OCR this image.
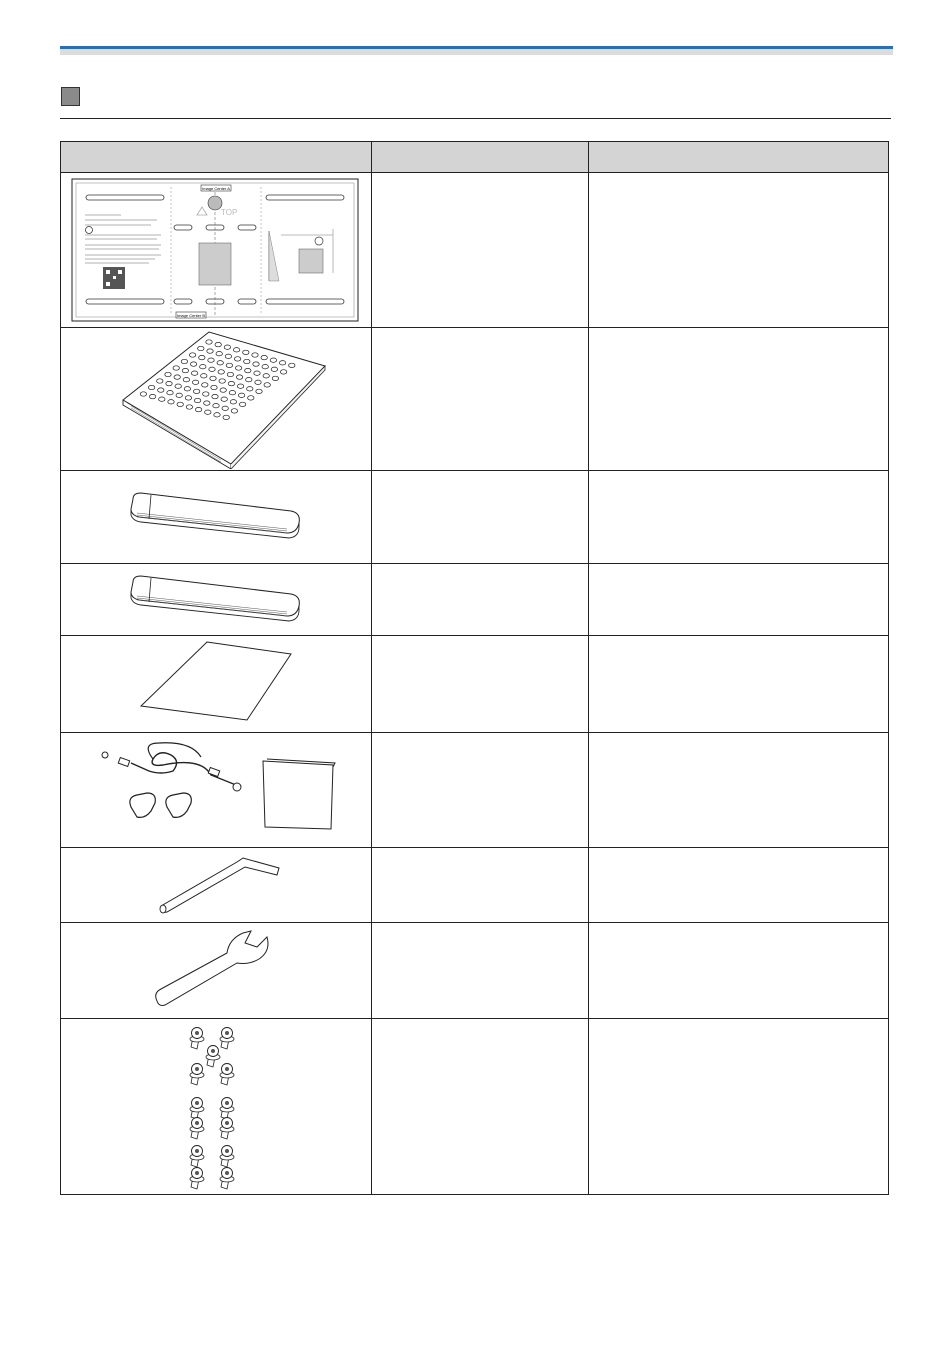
Image Center A
TOP
Image Center B		
